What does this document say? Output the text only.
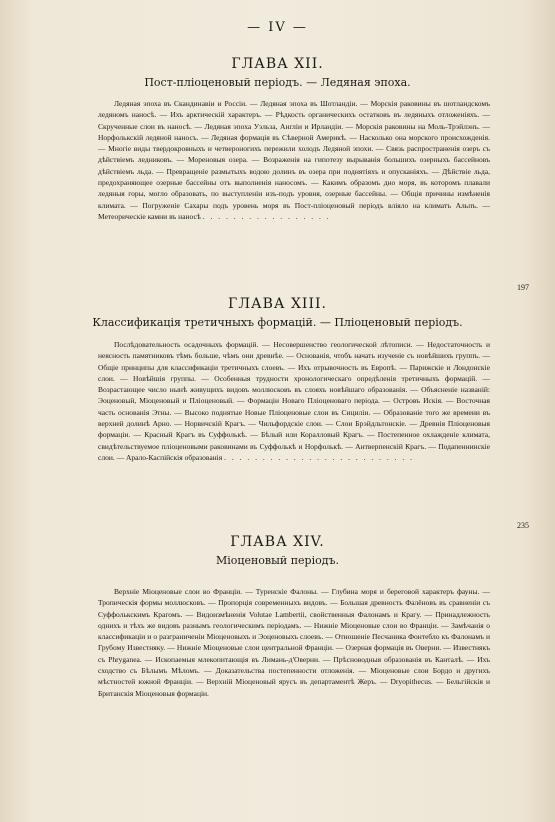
— IV —
ГЛАВА XII.
Пост-плioценовый перiодъ. — Ледяная эпоха.

Ледяная эпоха въ Скандинавiи и Россiи. — Ледяная эпоха въ Шотландiи. — Морскiя раковины въ шотландскомъ ледяномъ наносѣ. — Ихъ арктическiй характеръ. — Рѣдкость органическихъ остатковъ въ ледяныхъ отложенiяхъ. — Скрученные слои въ наносѣ. — Ледяная эпоха Уэльза, Англiи и Ирландiи. — Морскiя раковины на Моль-Трэйлэнъ. — Норфолькскiй ледяной наносъ. — Ледяная формацiя въ Сѣверной Америкѣ. — Насколько она морского происхожденiя. — Многiе виды твердокровныхъ и четвероногихъ пережили холодъ Ледяной эпохи. — Связь распространенiя озеръ съ дѣйствiемъ ледниковъ. — Мореновыя озера. — Возраженiя на гипотезу вырыванiя большихъ озерныхъ бассейновъ дѣйствiемъ льда. — Превращенiе размытыхъ водою долинъ въ озера при поднятiяхъ и опусканiяхъ. — Дѣйствiе льда, предохраняющее озерные бассейны отъ выполненiя наносомъ. — Какимъ образомъ дно моря, въ которомъ плавали ледяныя горы, могло образовать, по выступленiи изъ-подъ уровня, озерные бассейны. — Общiя причины измѣненiя климата. — Погруженiе Сахары подъ уровень моря въ Пост-плioценовый перiодъ влiяло на климатъ Альпъ. — Метеорическiе камни въ наносѣ . . . . . . . . . . . . . . . . .

197
ГЛАВА XIII.
Классификацiя третичныхъ формацiй. — Плioценовый перiодъ.

Послѣдовательность осадочныхъ формацiй. — Несовершенство геологической лѣтописи. — Недостаточность и неясность памятниковъ тѣмъ больше, чѣмъ они древнѣе. — Основанiя, чтобъ начать изученiе съ новѣйшихъ группъ. — Общiе принципы для классификацiи третичныхъ слоевъ. — Ихъ отрывочность въ Европѣ. — Парижскiе и Лондонскiе слои. — Новѣйшiя группы. — Особенныя трудности хронологическаго опредѣленiя третичныхъ формацiй. — Возрастающее число нынѣ живущихъ видовъ моллюсковъ въ слояхъ новѣйшаго образованiя. — Объясненiе названiй: Эоценовый, Мioценовый и Плioценовый. — Формацiи Новаго Плioценоваго перiода. — Островъ Искiя. — Восточная часть основанiя Этны. — Высоко поднятые Новые Плioценовые слои въ Сицилiи. — Образованiе того же времени въ верхней долинѣ Арно. — Норвичскiй Крагъ. — Чильфордскiе слои. — Слои Брэйдльтонскiе. — Древнiя Плioценовыя формацiи. — Красный Крагъ въ Суффолькѣ. — Бѣлый или Коралловый Крагъ. — Постепенное охлажденiе климата, свидѣтельствуемое плioценовыми раковинами въ Суффолькѣ и Норфолькѣ. — Антверпенскiй Крагъ. — Подапеннинскiе слои. — Арало-Каспiйскiя образованiя . . . . . . . . . . . . . . . . . . . . . . . . .

235
ГЛАВА XIV.
Мioценовый перiодъ.

Верхнiе Мioценовые слои во Францiи. — Туренскiе Фалоны. — Глубина моря и береговой характеръ фауны. — Тропическiя формы моллюсковъ. — Пропорцiя современныхъ видовъ. — Большая древность Фалёновъ въ сравненiи съ Суффолькскимъ Крагомъ. — Видоизмѣненiя Volutae Lambertii, свойственныя Фалонамъ и Крагу. — Принадлежность однихъ и тѣхъ же видовъ разнымъ геологическимъ перiодамъ. — Нижнiе Мioценовые слои во Францiи. — Замѣчанiя о классификацiи и о разграниченiи Мioценовыхъ и Эоценовыхъ слоевъ. — Отношенiе Песчаника Фонтебло къ Фалонамъ и Грубому Известняку. — Нижнiе Мioценовые слои центральной Францiи. — Озерная формацiя въ Оверни. — Известнякъ съ Phryganea. — Ископаемыя млекопитающiя въ Лимань-д'Оверни. — Прѣсноводныя образованiя въ Канталѣ. — Ихъ сходство съ Бѣлымъ Мѣломъ. — Доказательства постепенности отложенiя. — Мioценовые слои Бордо и другихъ мѣстностей южной Францiи. — Верхнiй Мioценовый ярусъ въ департаментѣ Жеръ. — Dryopithecus. — Бельгiйскiя и Британскiя Мioценовыя формацiи.
